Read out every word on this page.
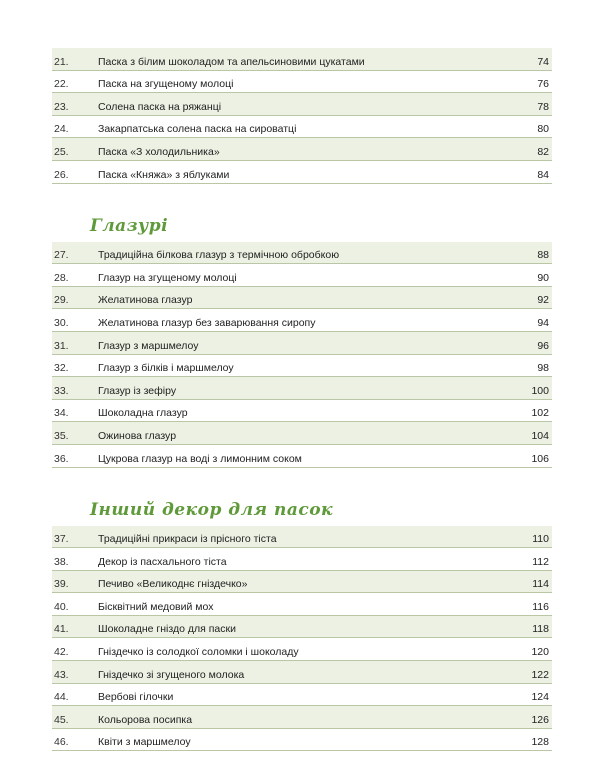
21.	Паска з білим шоколадом та апельсиновими цукатами	74
22.	Паска на згущеному молоці	76
23.	Солена паска на ряжанці	78
24.	Закарпатська солена паска на сироватці	80
25.	Паска «З холодильника»	82
26.	Паска «Княжа» з яблуками	84
Глазурі
27.	Традиційна білкова глазур з термічною обробкою	88
28.	Глазур на згущеному молоці	90
29.	Желатинова глазур	92
30.	Желатинова глазур без заварювання сиропу	94
31.	Глазур з маршмелоу	96
32.	Глазур з білків і маршмелоу	98
33.	Глазур із зефіру	100
34.	Шоколадна глазур	102
35.	Ожинова глазур	104
36.	Цукрова глазур на воді з лимонним соком	106
Інший декор для пасок
37.	Традиційні прикраси із прісного тіста	110
38.	Декор із пасхального тіста	112
39.	Печиво «Великоднє гніздечко»	114
40.	Бісквітний медовий мох	116
41.	Шоколадне гніздо для паски	118
42.	Гніздечко із солодкої соломки і шоколаду	120
43.	Гніздечко зі згущеного молока	122
44.	Вербові гілочки	124
45.	Кольорова посипка	126
46.	Квіти з маршмелоу	128
